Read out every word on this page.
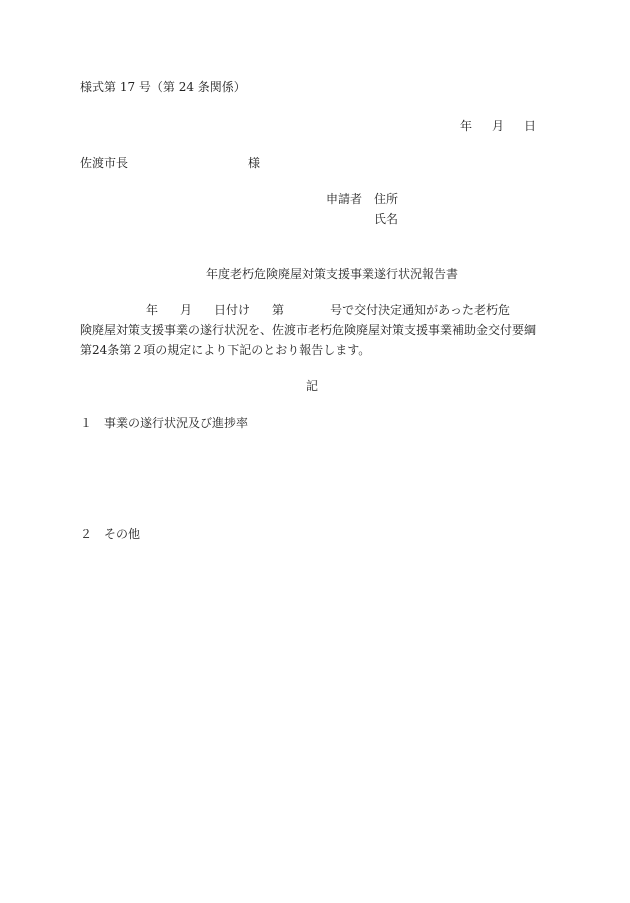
様式第 17 号（第 24 条関係）
年 月 日
佐渡市長	様
申請者 住所
氏名
年度老朽危険廃屋対策支援事業遂行状況報告書
年 月 日付け 第	号で交付決定通知があった老朽危
険廃屋対策支援事業の遂行状況を、佐渡市老朽危険廃屋対策支援事業補助金交付要綱
第24条第２項の規定により下記のとおり報告します。
記
１ 事業の遂行状況及び進捗率
２ その他
